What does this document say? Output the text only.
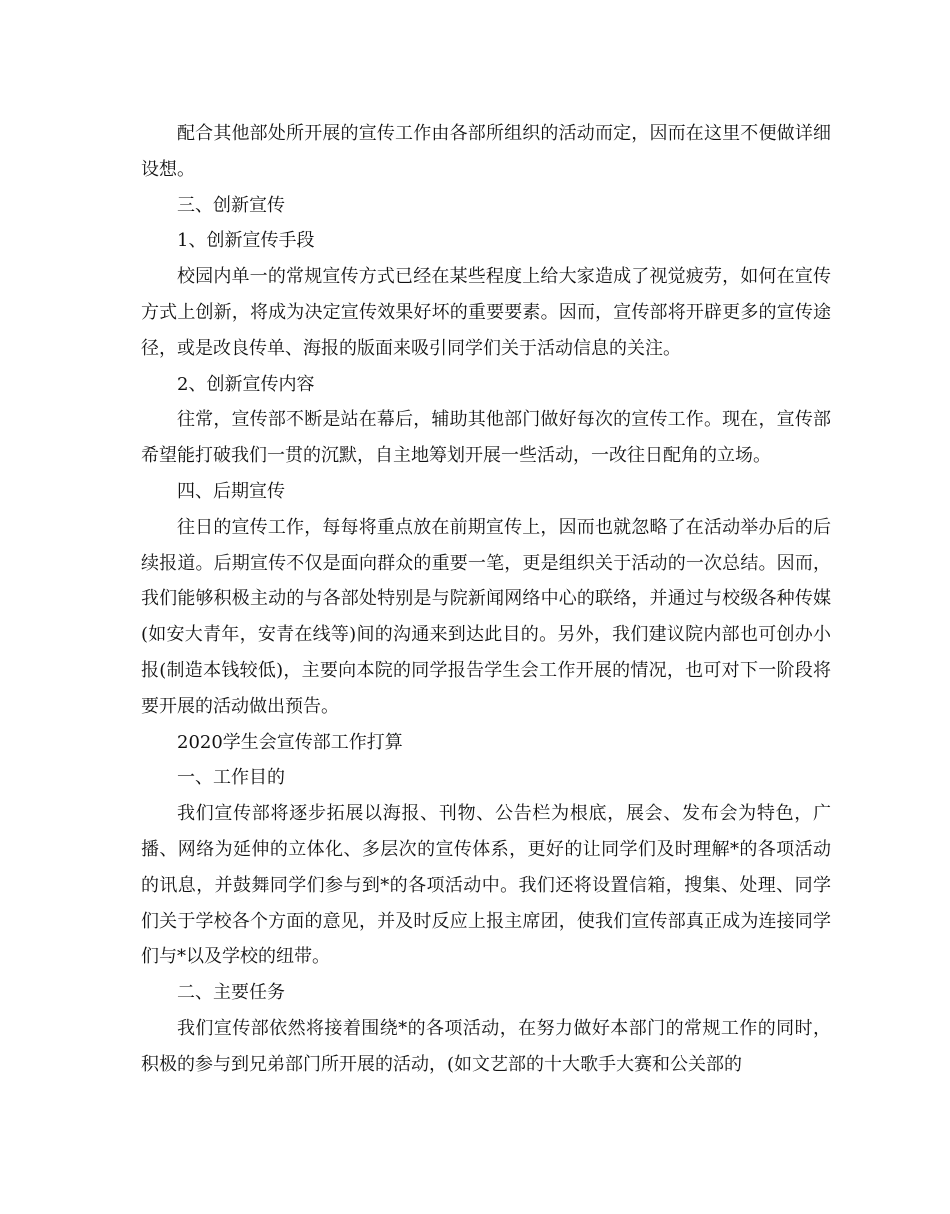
配合其他部处所开展的宣传工作由各部所组织的活动而定，因而在这里不便做详细设想。

三、创新宣传

1、创新宣传手段

校园内单一的常规宣传方式已经在某些程度上给大家造成了视觉疲劳，如何在宣传方式上创新，将成为决定宣传效果好坏的重要要素。因而，宣传部将开辟更多的宣传途径，或是改良传单、海报的版面来吸引同学们关于活动信息的关注。

2、创新宣传内容

往常，宣传部不断是站在幕后，辅助其他部门做好每次的宣传工作。现在，宣传部希望能打破我们一贯的沉默，自主地筹划开展一些活动，一改往日配角的立场。

四、后期宣传

往日的宣传工作，每每将重点放在前期宣传上，因而也就忽略了在活动举办后的后续报道。后期宣传不仅是面向群众的重要一笔，更是组织关于活动的一次总结。因而，我们能够积极主动的与各部处特别是与院新闻网络中心的联络，并通过与校级各种传媒(如安大青年，安青在线等)间的沟通来到达此目的。另外，我们建议院内部也可创办小报(制造本钱较低)，主要向本院的同学报告学生会工作开展的情况，也可对下一阶段将要开展的活动做出预告。

2020学生会宣传部工作打算

一、工作目的

我们宣传部将逐步拓展以海报、刊物、公告栏为根底，展会、发布会为特色，广播、网络为延伸的立体化、多层次的宣传体系，更好的让同学们及时理解*的各项活动的讯息，并鼓舞同学们参与到*的各项活动中。我们还将设置信箱，搜集、处理、同学们关于学校各个方面的意见，并及时反应上报主席团，使我们宣传部真正成为连接同学们与*以及学校的纽带。

二、主要任务

我们宣传部依然将接着围绕*的各项活动，在努力做好本部门的常规工作的同时，积极的参与到兄弟部门所开展的活动，(如文艺部的十大歌手大赛和公关部的
